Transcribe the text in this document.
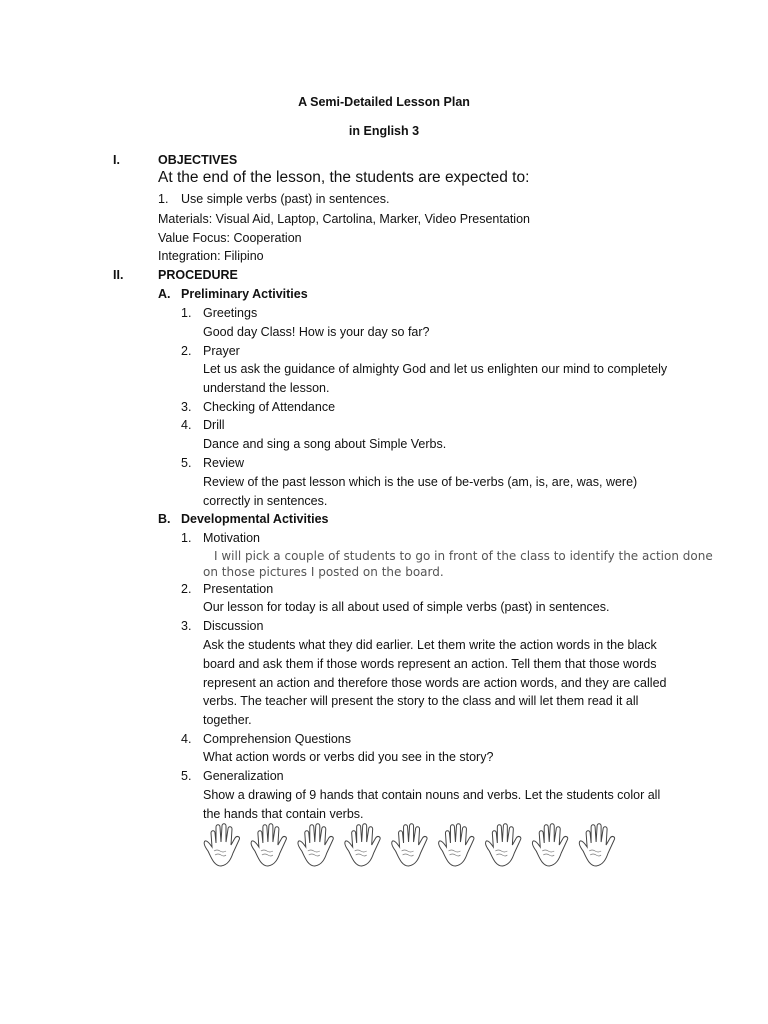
A Semi-Detailed Lesson Plan
in English 3
I.	OBJECTIVES
At the end of the lesson, the students are expected to:
1. Use simple verbs (past) in sentences.
Materials: Visual Aid, Laptop, Cartolina, Marker, Video Presentation
Value Focus: Cooperation
Integration: Filipino
II.	PROCEDURE
A. Preliminary Activities
1. Greetings
Good day Class! How is your day so far?
2. Prayer
Let us ask the guidance of almighty God and let us enlighten our mind to completely
understand the lesson.
3. Checking of Attendance
4. Drill
Dance and sing a song about Simple Verbs.
5. Review
Review of the past lesson which is the use of be-verbs (am, is, are, was, were)
correctly in sentences.
B. Developmental Activities
1. Motivation
I will pick a couple of students to go in front of the class to identify the action done
on those pictures I posted on the board.
2. Presentation
Our lesson for today is all about used of simple verbs (past) in sentences.
3. Discussion
Ask the students what they did earlier. Let them write the action words in the black
board and ask them if those words represent an action. Tell them that those words
represent an action and therefore those words are action words, and they are called
verbs. The teacher will present the story to the class and will let them read it all
together.
4. Comprehension Questions
What action words or verbs did you see in the story?
5. Generalization
Show a drawing of 9 hands that contain nouns and verbs. Let the students color all
the hands that contain verbs.
